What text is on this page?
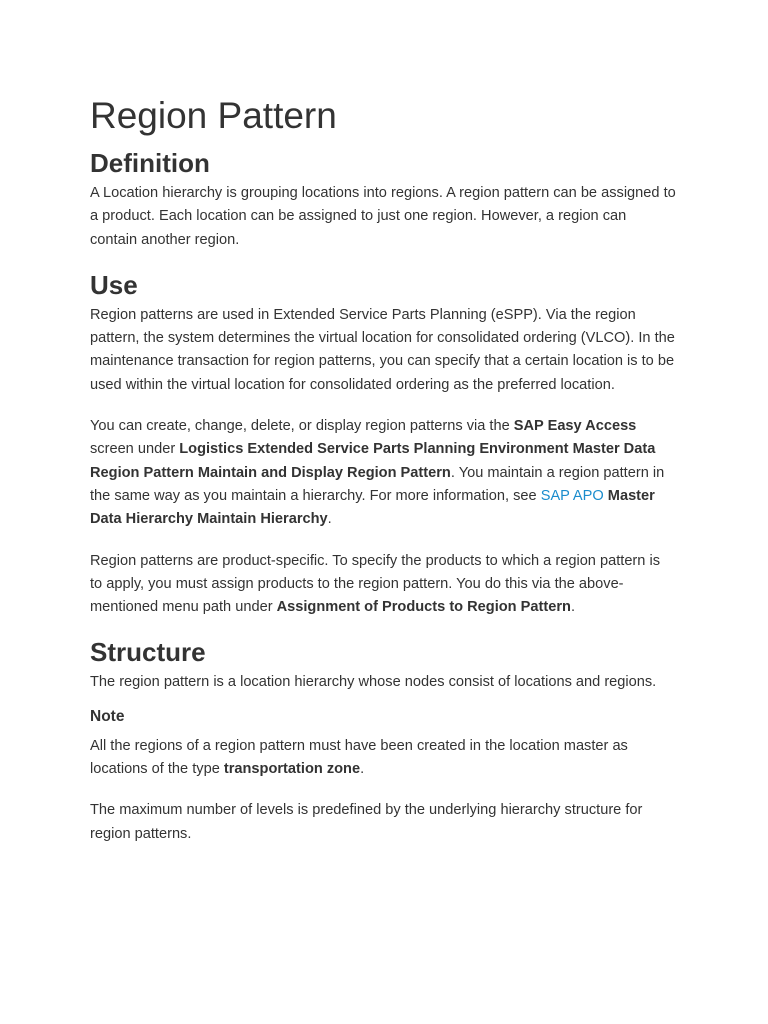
Region Pattern
Definition

A Location hierarchy is grouping locations into regions. A region pattern can be assigned to a product. Each location can be assigned to just one region. However, a region can contain another region.

Use

Region patterns are used in Extended Service Parts Planning (eSPP). Via the region pattern, the system determines the virtual location for consolidated ordering (VLCO). In the maintenance transaction for region patterns, you can specify that a certain location is to be used within the virtual location for consolidated ordering as the preferred location.

You can create, change, delete, or display region patterns via the SAP Easy Access screen under Logistics Extended Service Parts Planning Environment Master Data Region Pattern Maintain and Display Region Pattern. You maintain a region pattern in the same way as you maintain a hierarchy. For more information, see SAP APO Master Data Hierarchy Maintain Hierarchy.

Region patterns are product-specific. To specify the products to which a region pattern is to apply, you must assign products to the region pattern. You do this via the above-mentioned menu path under Assignment of Products to Region Pattern.

Structure

The region pattern is a location hierarchy whose nodes consist of locations and regions.

Note

All the regions of a region pattern must have been created in the location master as locations of the type transportation zone.

The maximum number of levels is predefined by the underlying hierarchy structure for region patterns.
